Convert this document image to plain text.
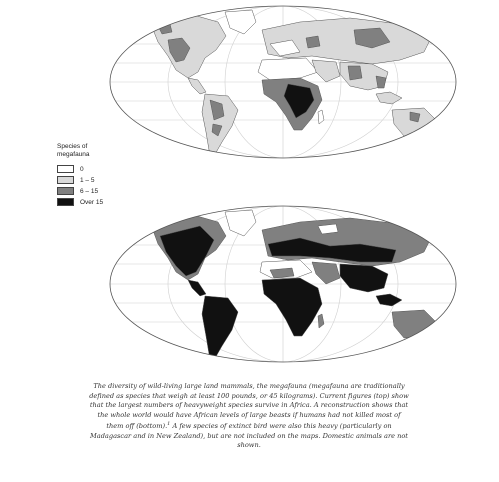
Species of
megafauna
0
1 – 5
6 – 15
Over 15
The diversity of wild-living large land mammals, the megafauna (megafauna are traditionally defined as species that weigh at least 100 pounds, or 45 kilograms). Current figures (top) show that the largest numbers of heavyweight species survive in Africa. A reconstruction shows that the whole world would have African levels of large beasts if humans had not killed most of them off (bottom).$^1$ A few species of extinct bird were also this heavy (particularly on Madagascar and in New Zealand), but are not included on the maps. Domestic animals are not shown.
